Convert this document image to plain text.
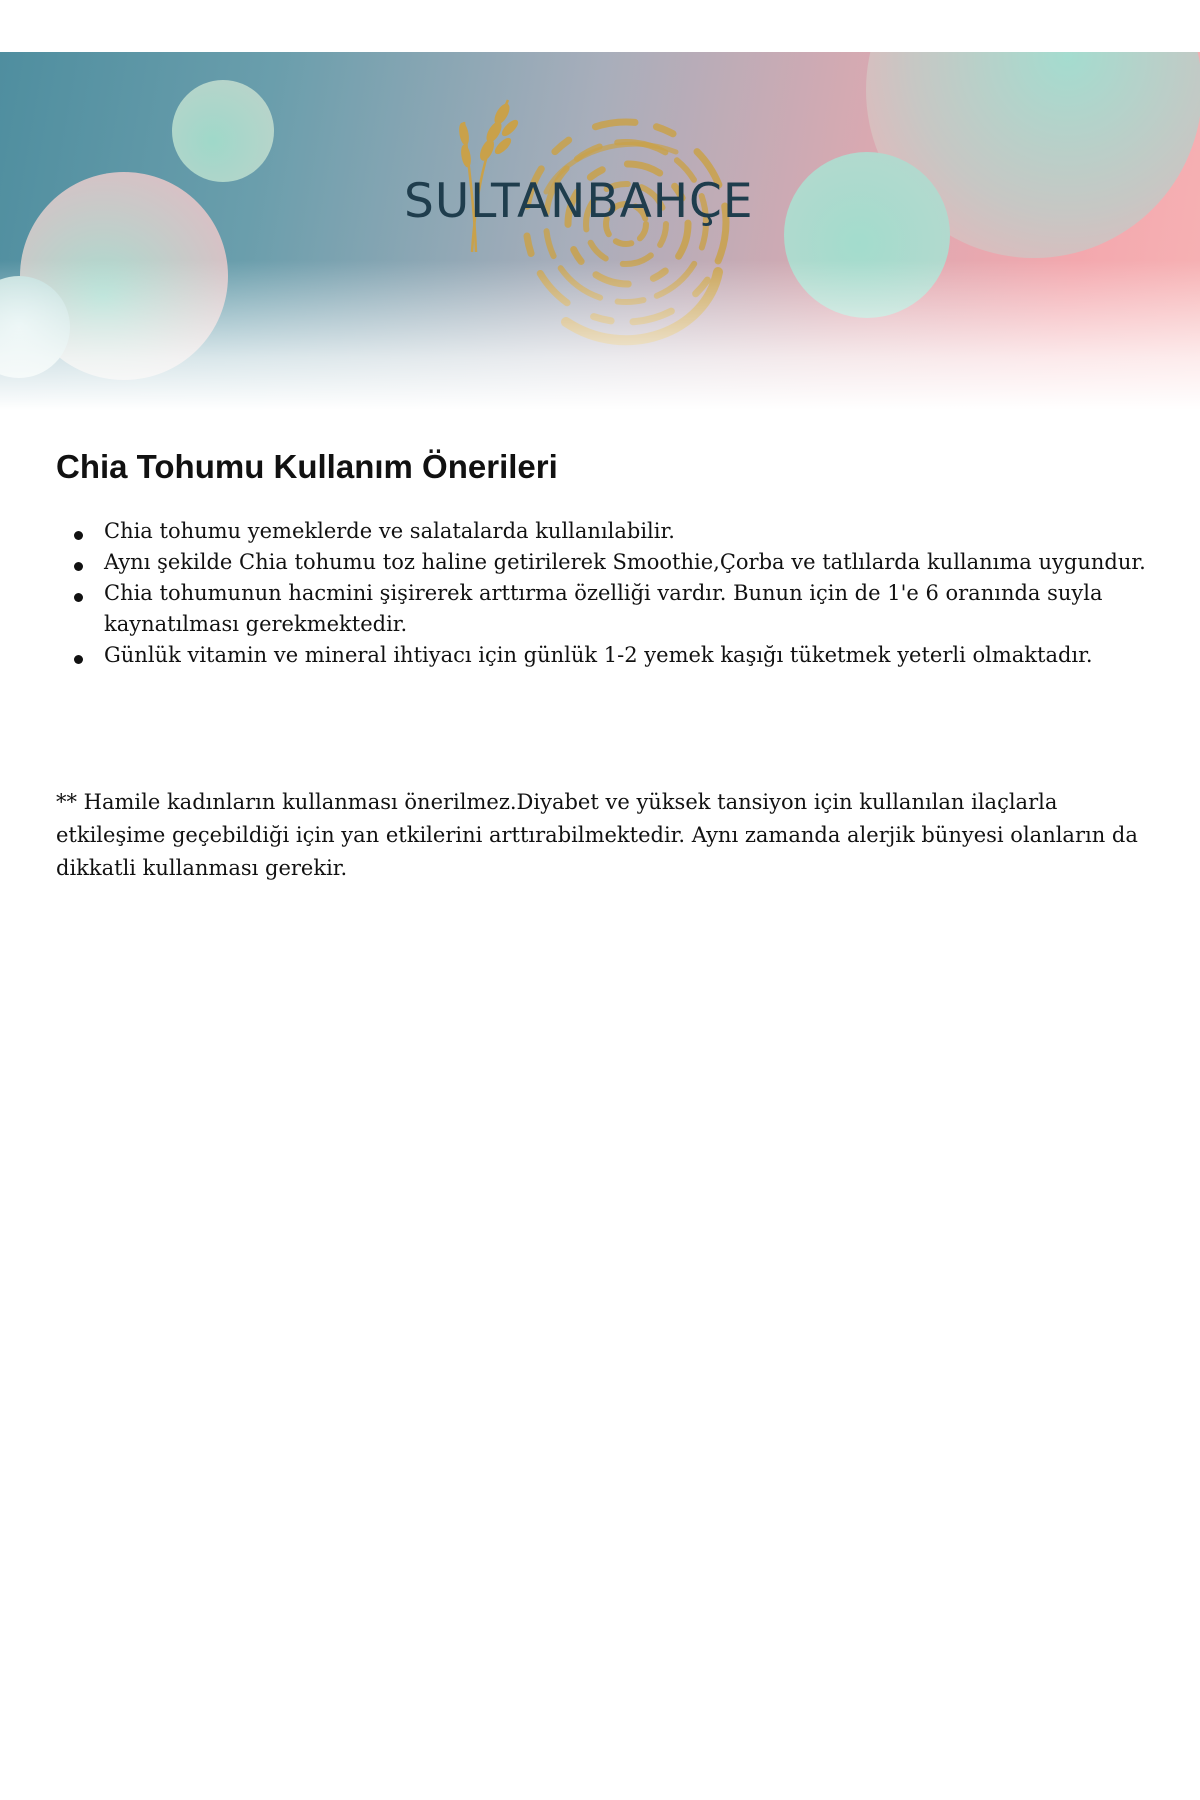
SULTANBAHÇE
Chia Tohumu Kullanım Önerileri
Chia tohumu yemeklerde ve salatalarda kullanılabilir.
Aynı şekilde Chia tohumu toz haline getirilerek Smoothie,Çorba ve tatlılarda kullanıma uygundur.
Chia tohumunun hacmini şişirerek arttırma özelliği vardır. Bunun için de 1'e 6 oranında suyla kaynatılması gerekmektedir.
Günlük vitamin ve mineral ihtiyacı için günlük 1-2 yemek kaşığı tüketmek yeterli olmaktadır.

** Hamile kadınların kullanması önerilmez.Diyabet ve yüksek tansiyon için kullanılan ilaçlarla etkileşime geçebildiği için yan etkilerini arttırabilmektedir. Aynı zamanda alerjik bünyesi olanların da dikkatli kullanması gerekir.
